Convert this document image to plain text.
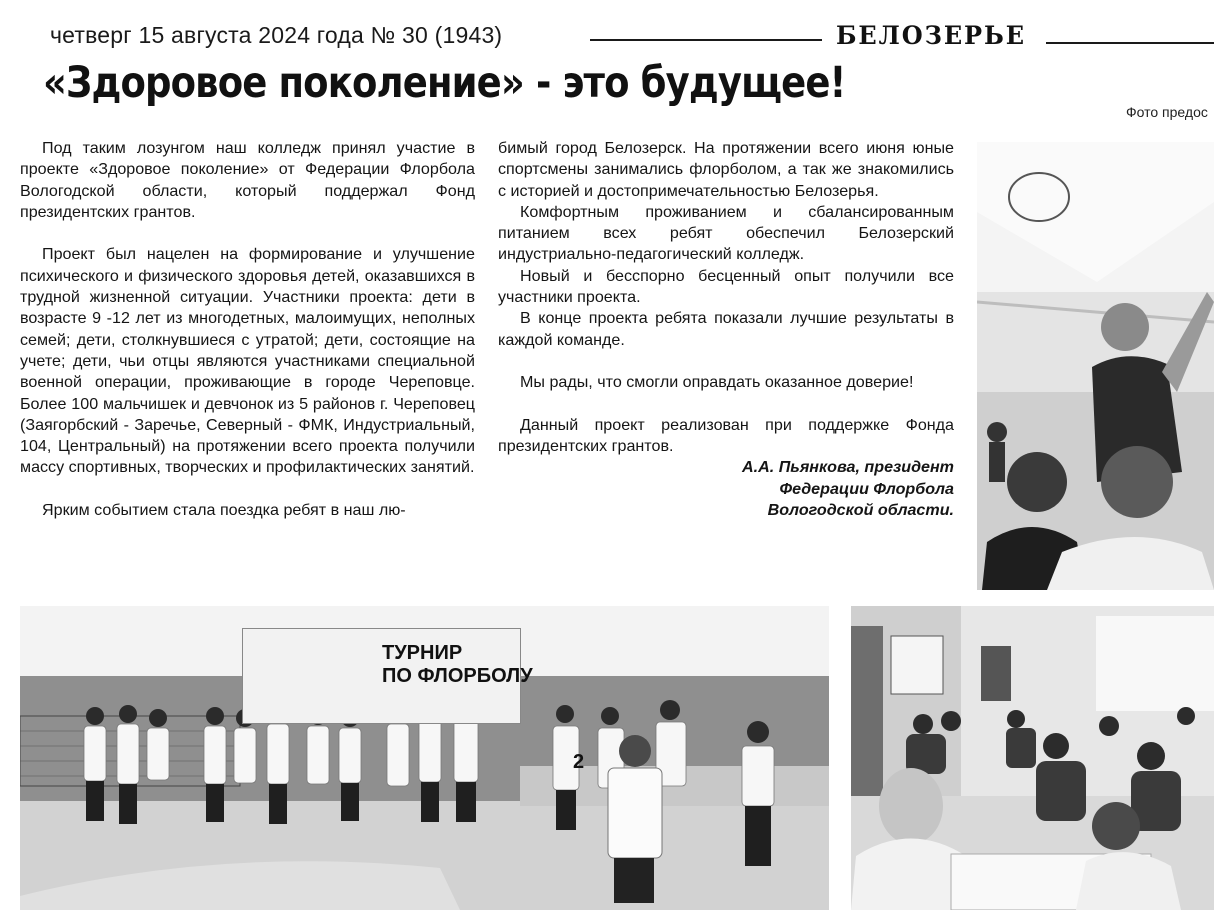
четверг 15 августа 2024 года № 30 (1943)	БЕЛОЗЕРЬЕ
«Здоровое поколение» - это будущее!
Фото предос

Под таким лозунгом наш колледж принял участие в проекте «Здоровое поколение» от Федерации Флорбола Вологодской области, который поддержал Фонд президентских грантов.

Проект был нацелен на формирование и улучшение психического и физического здоровья детей, оказавшихся в трудной жизненной ситуации. Участники проекта: дети в возрасте 9 -12 лет из многодетных, малоимущих, неполных семей; дети, столкнувшиеся с утратой; дети, состоящие на учете; дети, чьи отцы являются участниками специальной военной операции, проживающие в городе Череповце. Более 100 мальчишек и девчонок из 5 районов г. Череповец (Заягорбский - Заречье, Северный - ФМК, Индустриальный, 104, Центральный) на протяжении всего проекта получили массу спортивных, творческих и профилактических занятий.

Ярким событием стала поездка ребят в наш лю-

бимый город Белозерск. На протяжении всего июня юные спортсмены занимались флорболом, а так же знакомились с историей и достопримечательностью Белозерья.

Комфортным проживанием и сбалансированным питанием всех ребят обеспечил Белозерский индустриально-педагогический колледж.

Новый и бесспорно бесценный опыт получили все участники проекта.

В конце проекта ребята показали лучшие результаты в каждой команде.

Мы рады, что смогли оправдать оказанное доверие!

Данный проект реализован при поддержке Фонда президентских грантов.

А.А. Пьянкова, президент

Федерации Флорбола

Вологодской области.

2
ТУРНИР
ПО ФЛОРБОЛУ
